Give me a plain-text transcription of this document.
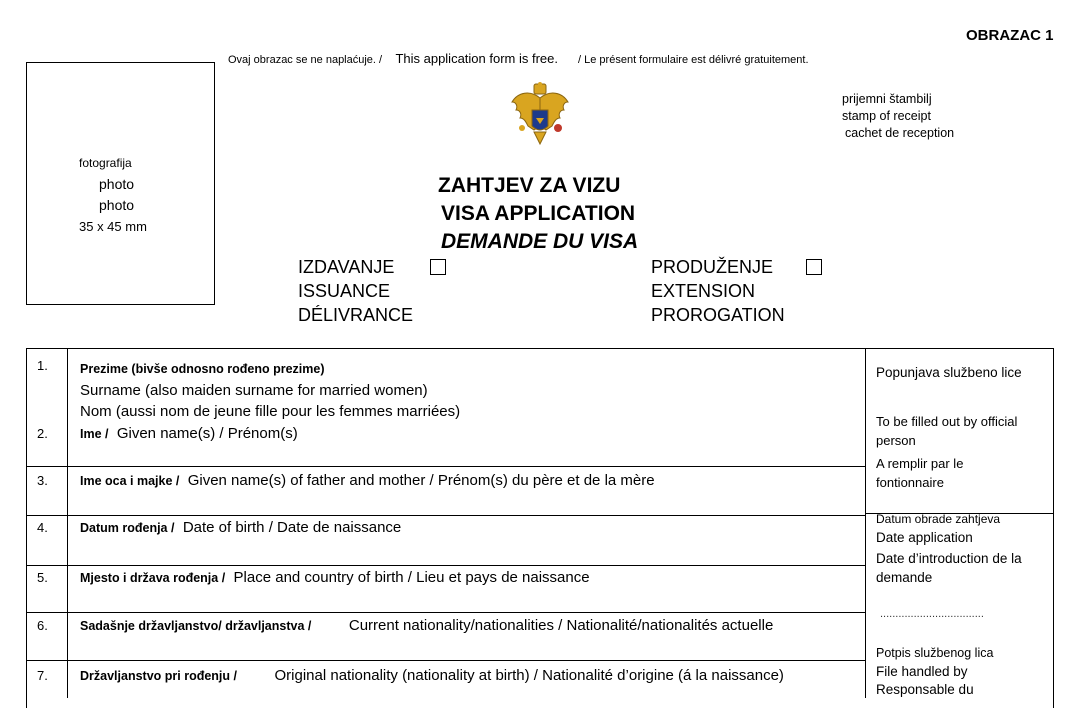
OBRAZAC 1
Ovaj obrazac se ne naplaćuje. / This application form is free. / Le présent formulaire est délivré gratuitement.
fotografija
photo
photo
35 x 45 mm
prijemni štambilj
stamp of receipt
cachet de reception
ZAHTJEV ZA VIZU
VISA APPLICATION
DEMANDE DU VISA
IZDAVANJE
ISSUANCE
DÉLIVRANCE
PRODUŽENJE
EXTENSION
PROROGATION
1.	Prezime (bivše odnosno rođeno prezime)
Surname (also maiden surname for married women)
Nom (aussi nom de jeune fille pour les femmes marriées)
2.	Ime / Given name(s) / Prénom(s)
3.	Ime oca i majke / Given name(s) of father and mother / Prénom(s) du père et de la mère
4.	Datum rođenja / Date of birth / Date de naissance
5.	Mjesto i država rođenja / Place and country of birth / Lieu et pays de naissance
6.	Sadašnje državljanstvo/ državljanstva /	Current nationality/nationalities / Nationalité/nationalités actuelle
7.	Državljanstvo pri rođenju /	Original nationality (nationality at birth) / Nationalité d’origine (á la naissance)
Popunjava službeno lice
To be filled out by official person
A remplir par le fontionnaire
Datum obrade zahtjeva
Date application
Date d’introduction de la demande
..................................
Potpis službenog lica
File handled by
Responsable du
